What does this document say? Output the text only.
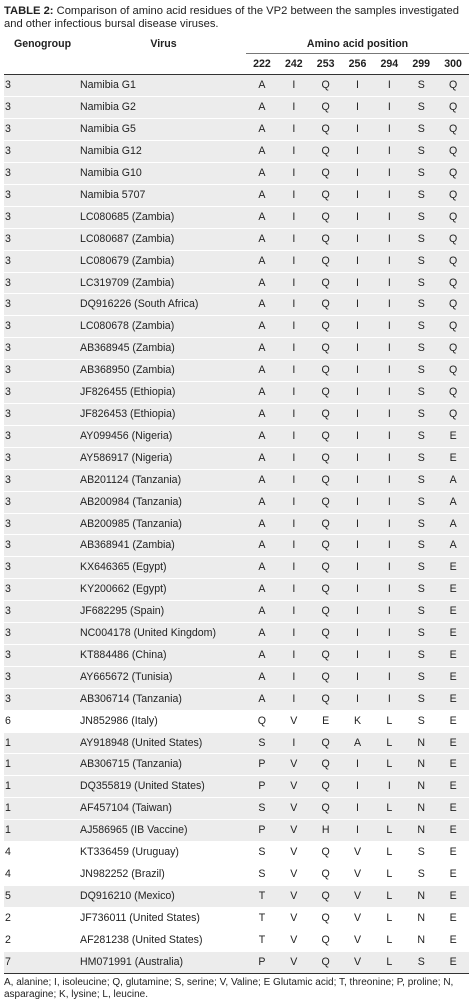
TABLE 2: Comparison of amino acid residues of the VP2 between the samples investigated and other infectious bursal disease viruses.

Genogroup	Virus	Amino acid position						
		222	242	253	256	294	299	300
3	Namibia G1	A	I	Q	I	I	S	Q
3	Namibia G2	A	I	Q	I	I	S	Q
3	Namibia G5	A	I	Q	I	I	S	Q
3	Namibia G12	A	I	Q	I	I	S	Q
3	Namibia G10	A	I	Q	I	I	S	Q
3	Namibia 5707	A	I	Q	I	I	S	Q
3	LC080685 (Zambia)	A	I	Q	I	I	S	Q
3	LC080687 (Zambia)	A	I	Q	I	I	S	Q
3	LC080679 (Zambia)	A	I	Q	I	I	S	Q
3	LC319709 (Zambia)	A	I	Q	I	I	S	Q
3	DQ916226 (South Africa)	A	I	Q	I	I	S	Q
3	LC080678 (Zambia)	A	I	Q	I	I	S	Q
3	AB368945 (Zambia)	A	I	Q	I	I	S	Q
3	AB368950 (Zambia)	A	I	Q	I	I	S	Q
3	JF826455 (Ethiopia)	A	I	Q	I	I	S	Q
3	JF826453 (Ethiopia)	A	I	Q	I	I	S	Q
3	AY099456 (Nigeria)	A	I	Q	I	I	S	E
3	AY586917 (Nigeria)	A	I	Q	I	I	S	E
3	AB201124 (Tanzania)	A	I	Q	I	I	S	A
3	AB200984 (Tanzania)	A	I	Q	I	I	S	A
3	AB200985 (Tanzania)	A	I	Q	I	I	S	A
3	AB368941 (Zambia)	A	I	Q	I	I	S	A
3	KX646365 (Egypt)	A	I	Q	I	I	S	E
3	KY200662 (Egypt)	A	I	Q	I	I	S	E
3	JF682295 (Spain)	A	I	Q	I	I	S	E
3	NC004178 (United Kingdom)	A	I	Q	I	I	S	E
3	KT884486 (China)	A	I	Q	I	I	S	E
3	AY665672 (Tunisia)	A	I	Q	I	I	S	E
3	AB306714 (Tanzania)	A	I	Q	I	I	S	E
6	JN852986 (Italy)	Q	V	E	K	L	S	E
1	AY918948 (United States)	S	I	Q	A	L	N	E
1	AB306715 (Tanzania)	P	V	Q	I	L	N	E
1	DQ355819 (United States)	P	V	Q	I	I	N	E
1	AF457104 (Taiwan)	S	V	Q	I	L	N	E
1	AJ586965 (IB Vaccine)	P	V	H	I	L	N	E
4	KT336459 (Uruguay)	S	V	Q	V	L	S	E
4	JN982252 (Brazil)	S	V	Q	V	L	S	E
5	DQ916210 (Mexico)	T	V	Q	V	L	N	E
2	JF736011 (United States)	T	V	Q	V	L	N	E
2	AF281238 (United States)	T	V	Q	V	L	N	E
7	HM071991 (Australia)	P	V	Q	V	L	S	E

A, alanine; I, isoleucine; Q, glutamine; S, serine; V, Valine; E Glutamic acid; T, threonine; P, proline; N, asparagine; K, lysine; L, leucine.
